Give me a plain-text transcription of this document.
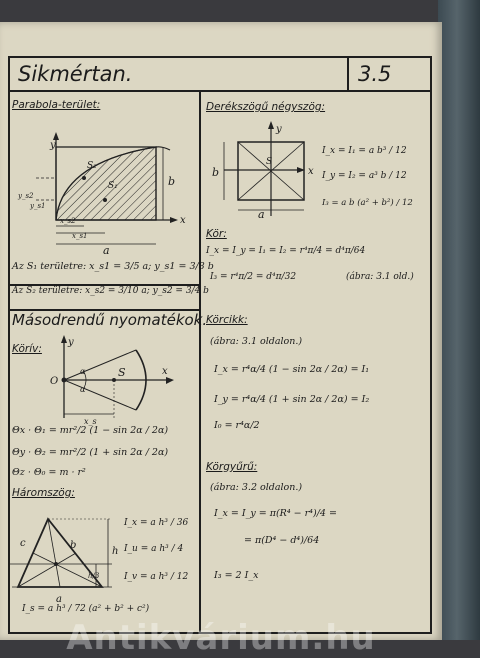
Sikmértan.	3.5
Parabola-terület:
y
x
b
a
S₁
S₂
y_s2
y_s1
x_s2
x_s1
Az S₁ területre: x_s1 = 3/5 a; y_s1 = 3/8 b
Az S₂ területre: x_s2 = 3/10 a; y_s2 = 3/4 b
Másodrendű nyomatékok.
Körív:
y
x
O
S
α
α
x_s
Θx · Θ₁ = mr²/2 (1 − sin 2α / 2α)
Θy · Θ₂ = mr²/2 (1 + sin 2α / 2α)
Θz · Θ₀ = m · r²
Háromszög:
a
b
c
h
h/3
I_x = a h³ / 36
I_u = a h³ / 4
I_v = a h³ / 12
I_s = a h³ / 72 (a² + b² + c²)
Derékszögű négyszög:
y
x
b
a
S
I_x = I₁ = a b³ / 12
I_y = I₂ = a³ b / 12
I₃ = a b (a² + b²) / 12
Kör:
I_x = I_y = I₁ = I₂ = r⁴π/4 = d⁴π/64
I₃ = r⁴π/2 = d⁴π/32	(ábra: 3.1 old.)
Körcikk:
(ábra: 3.1 oldalon.)
I_x = r⁴α/4 (1 − sin 2α / 2α) = I₁
I_y = r⁴α/4 (1 + sin 2α / 2α) = I₂
I₀ = r⁴α/2
Körgyűrű:
(ábra: 3.2 oldalon.)
I_x = I_y = π(R⁴ − r⁴)/4 =
= π(D⁴ − d⁴)/64
I₃ = 2 I_x
Antikvárium.hu
